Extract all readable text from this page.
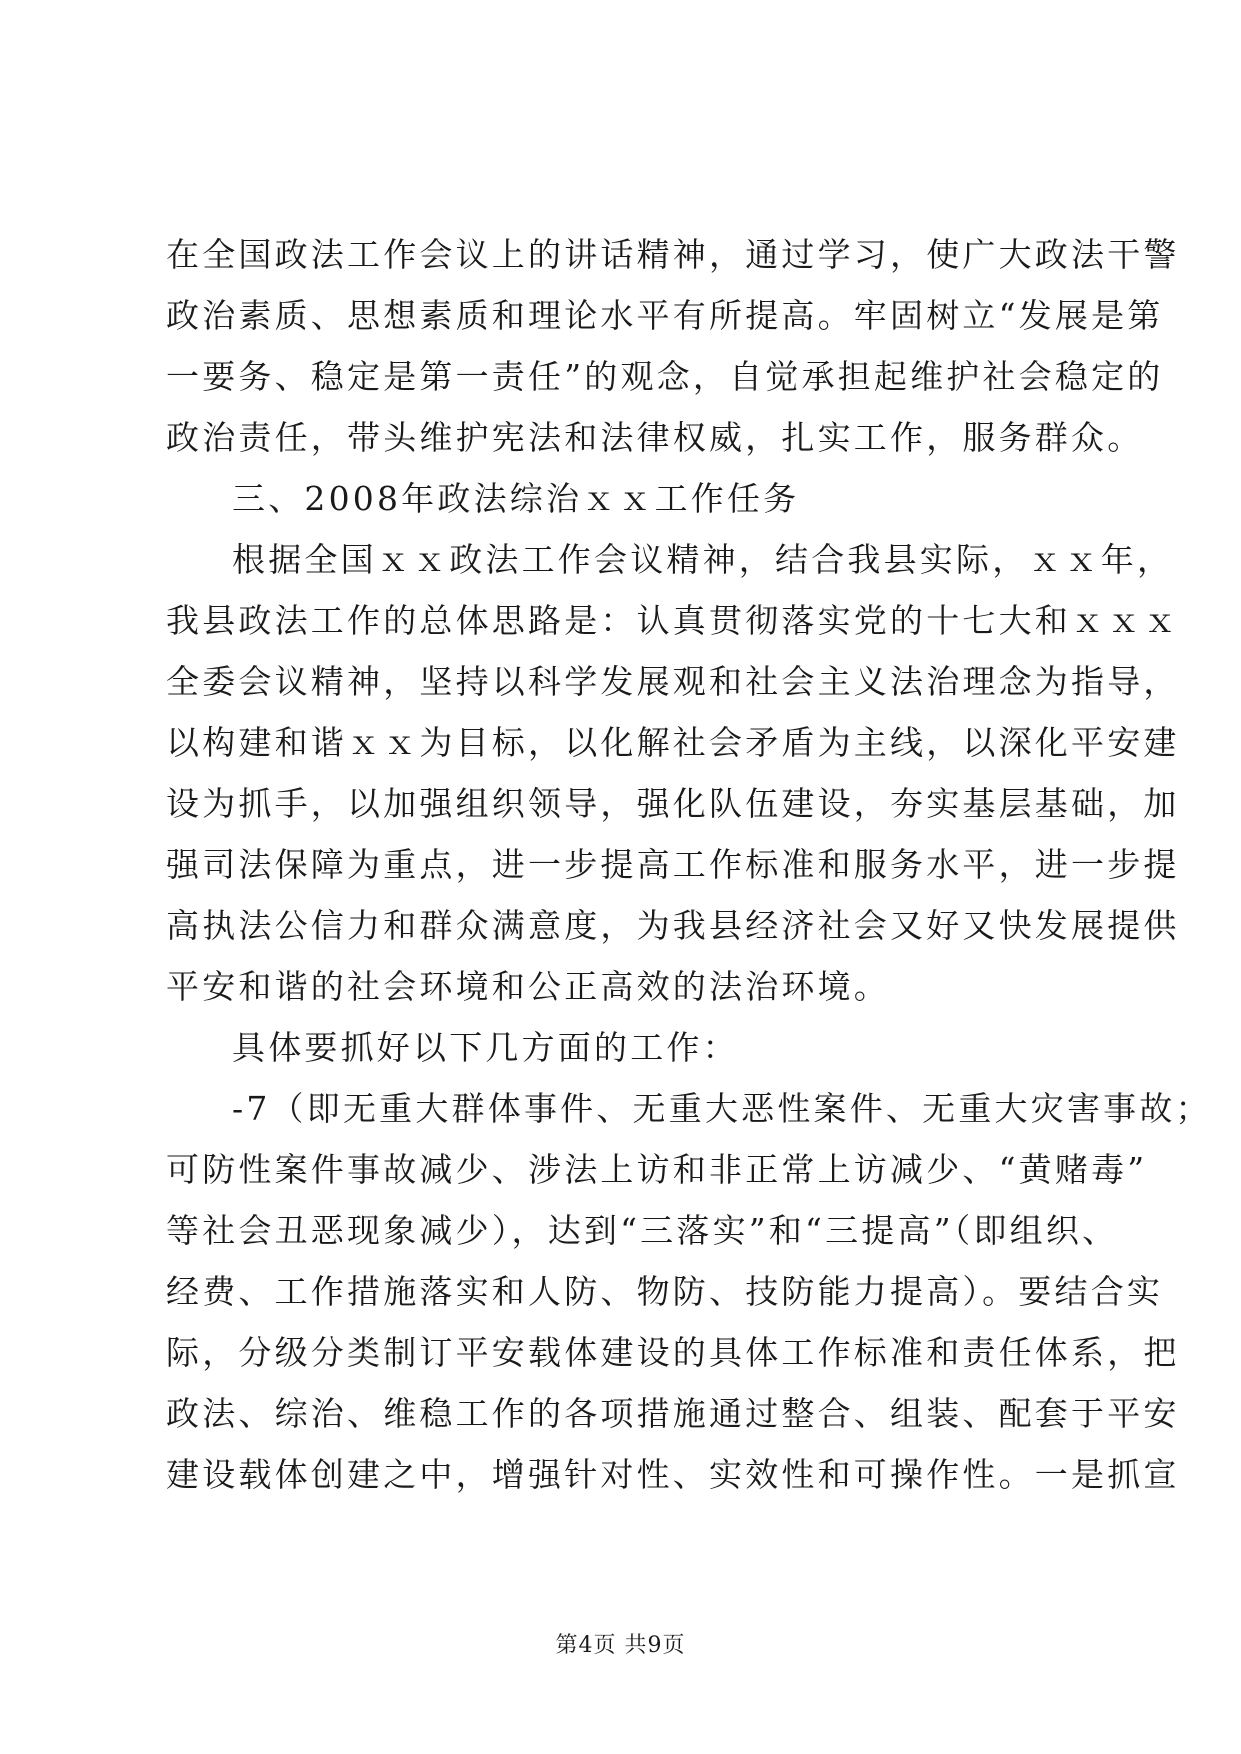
在全国政法工作会议上的讲话精神，通过学习，使广大政法干警
政治素质、思想素质和理论水平有所提高。牢固树立“发展是第
一要务、稳定是第一责任”的观念，自觉承担起维护社会稳定的
政治责任，带头维护宪法和法律权威，扎实工作，服务群众。
三、2008年政法综治ｘｘ工作任务
根据全国ｘｘ政法工作会议精神，结合我县实际，ｘｘ年，
我县政法工作的总体思路是：认真贯彻落实党的十七大和ｘｘｘ
全委会议精神，坚持以科学发展观和社会主义法治理念为指导，
以构建和谐ｘｘ为目标，以化解社会矛盾为主线，以深化平安建
设为抓手，以加强组织领导，强化队伍建设，夯实基层基础，加
强司法保障为重点，进一步提高工作标准和服务水平，进一步提
高执法公信力和群众满意度，为我县经济社会又好又快发展提供
平安和谐的社会环境和公正高效的法治环境。
具体要抓好以下几方面的工作：
-7（即无重大群体事件、无重大恶性案件、无重大灾害事故；
可防性案件事故减少、涉法上访和非正常上访减少、“黄赌毒”
等社会丑恶现象减少），达到“三落实”和“三提高”（即组织、
经费、工作措施落实和人防、物防、技防能力提高）。要结合实
际，分级分类制订平安载体建设的具体工作标准和责任体系，把
政法、综治、维稳工作的各项措施通过整合、组装、配套于平安
建设载体创建之中，增强针对性、实效性和可操作性。一是抓宣
第4页 共9页
